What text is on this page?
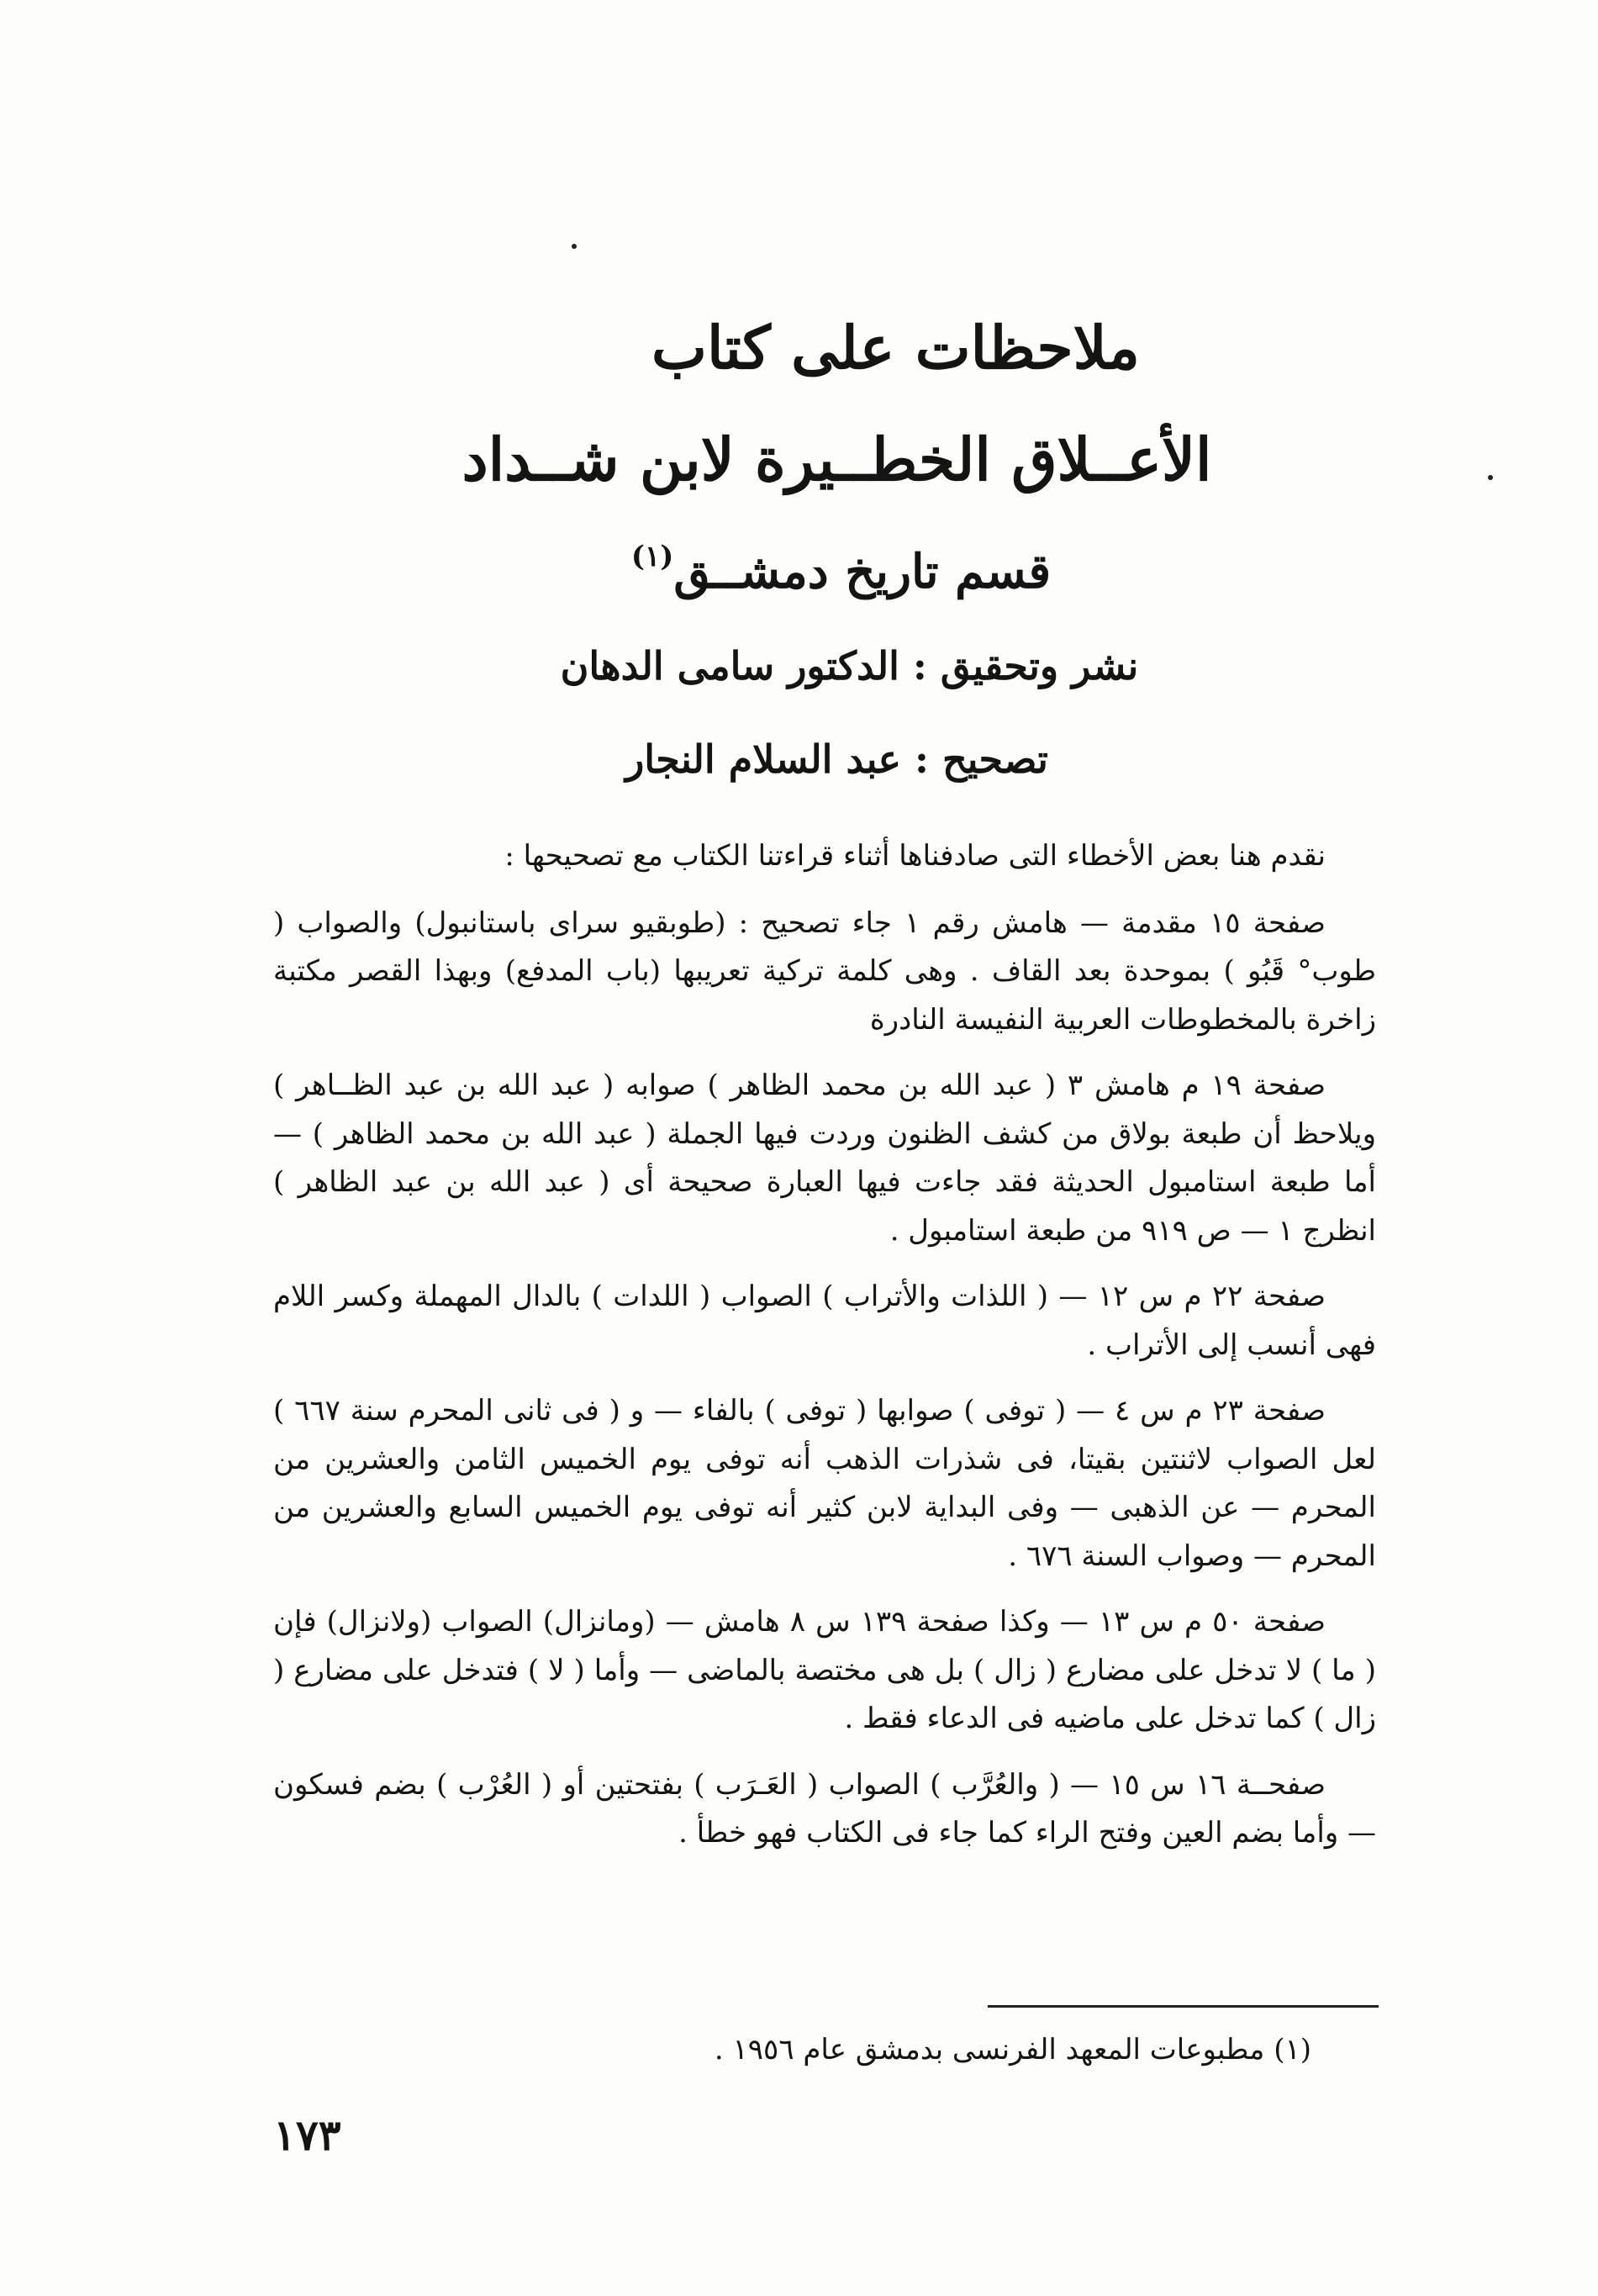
ملاحظات على كتاب
الأعــلاق الخطــيرة لابن شــداد
قسم تاريخ دمشــق$^{(١)}$
نشر وتحقيق : الدكتور سامى الدهان
تصحيح : عبد السلام النجار

نقدم هنا بعض الأخطاء التى صادفناها أثناء قراءتنا الكتاب مع تصحيحها :

صفحة ١٥ مقدمة — هامش رقم ١ جاء تصحيح : (طوبقيو سراى باستانبول) والصواب ( طوب° قَبُو ) بموحدة بعد القاف . وهى كلمة تركية تعريبها (باب المدفع) وبهذا القصر مكتبة زاخرة بالمخطوطات العربية النفيسة النادرة

صفحة ١٩ م هامش ٣ ( عبد الله بن محمد الظاهر ) صوابه ( عبد الله بن عبد الظــاهر ) ويلاحظ أن طبعة بولاق من كشف الظنون وردت فيها الجملة ( عبد الله بن محمد الظاهر ) — أما طبعة استامبول الحديثة فقد جاءت فيها العبارة صحيحة أى ( عبد الله بن عبد الظاهر ) انظرج ١ — ص ٩١٩ من طبعة استامبول .

صفحة ٢٢ م س ١٢ — ( اللذات والأتراب ) الصواب ( اللدات ) بالدال المهملة وكسر اللام فهى أنسب إلى الأتراب .

صفحة ٢٣ م س ٤ — ( توفى ) صوابها ( توفى ) بالفاء — و ( فى ثانى المحرم سنة ٦٦٧ ) لعل الصواب لاثنتين بقيتا، فى شذرات الذهب أنه توفى يوم الخميس الثامن والعشرين من المحرم — عن الذهبى — وفى البداية لابن كثير أنه توفى يوم الخميس السابع والعشرين من المحرم — وصواب السنة ٦٧٦ .

صفحة ٥٠ م س ١٣ — وكذا صفحة ١٣٩ س ٨ هامش — (ومانزال) الصواب (ولانزال) فإن ( ما ) لا تدخل على مضارع ( زال ) بل هى مختصة بالماضى — وأما ( لا ) فتدخل على مضارع ( زال ) كما تدخل على ماضيه فى الدعاء فقط .

صفحــة ١٦ س ١٥ — ( والعُرَّب ) الصواب ( العَـرَب ) بفتحتين أو ( العُرْب ) بضم فسكون — وأما بضم العين وفتح الراء كما جاء فى الكتاب فهو خطأ .

(١) مطبوعات المعهد الفرنسى بدمشق عام ١٩٥٦ .
١٧٣
